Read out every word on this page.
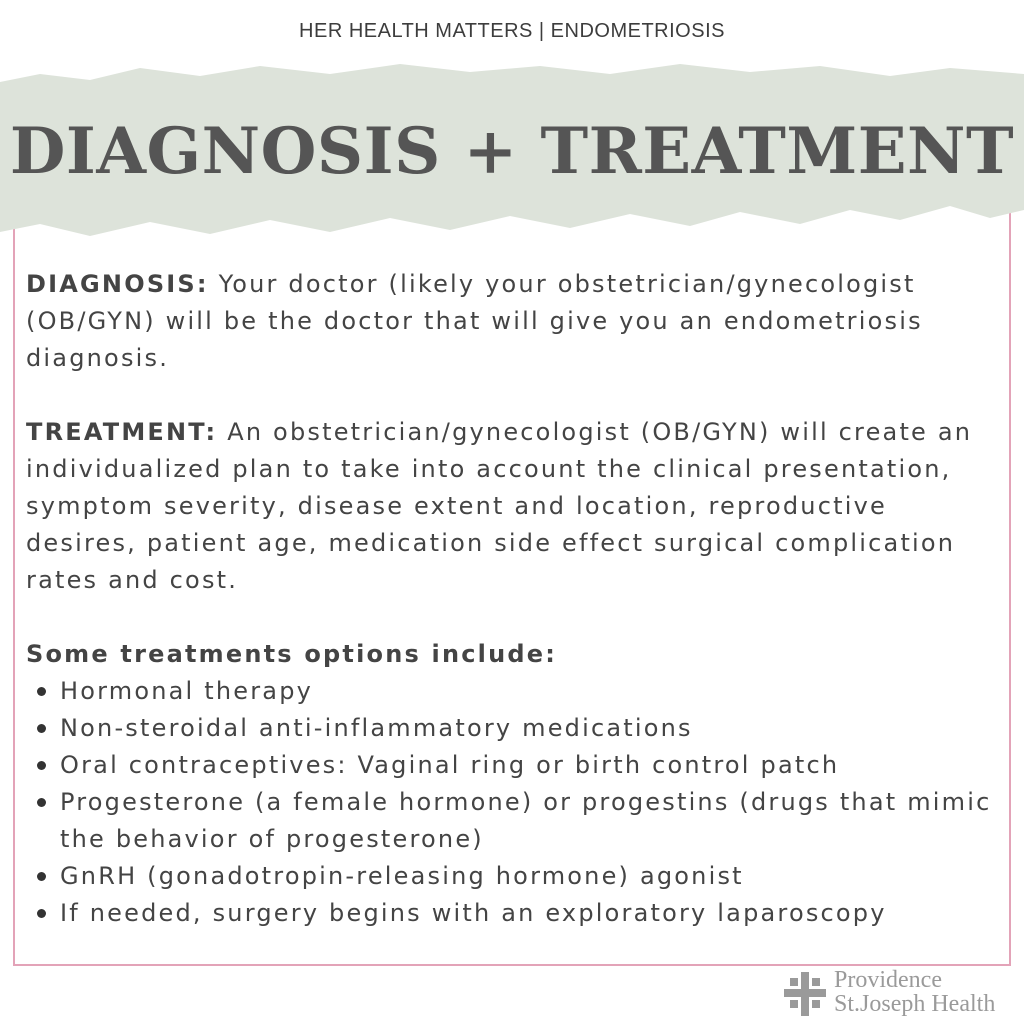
HER HEALTH MATTERS | ENDOMETRIOSIS
DIAGNOSIS + TREATMENT

DIAGNOSIS: Your doctor (likely your obstetrician/gynecologist (OB/GYN) will be the doctor that will give you an endometriosis diagnosis.

TREATMENT: An obstetrician/gynecologist (OB/GYN) will create an individualized plan to take into account the clinical presentation, symptom severity, disease extent and location, reproductive desires, patient age, medication side effect surgical complication rates and cost.

Some treatments options include:

Hormonal therapy
Non-steroidal anti-inflammatory medications
Oral contraceptives: Vaginal ring or birth control patch
Progesterone (a female hormone) or progestins (drugs that mimic the behavior of progesterone)
GnRH (gonadotropin-releasing hormone) agonist
If needed, surgery begins with an exploratory laparoscopy
Providence
St.Joseph Health
